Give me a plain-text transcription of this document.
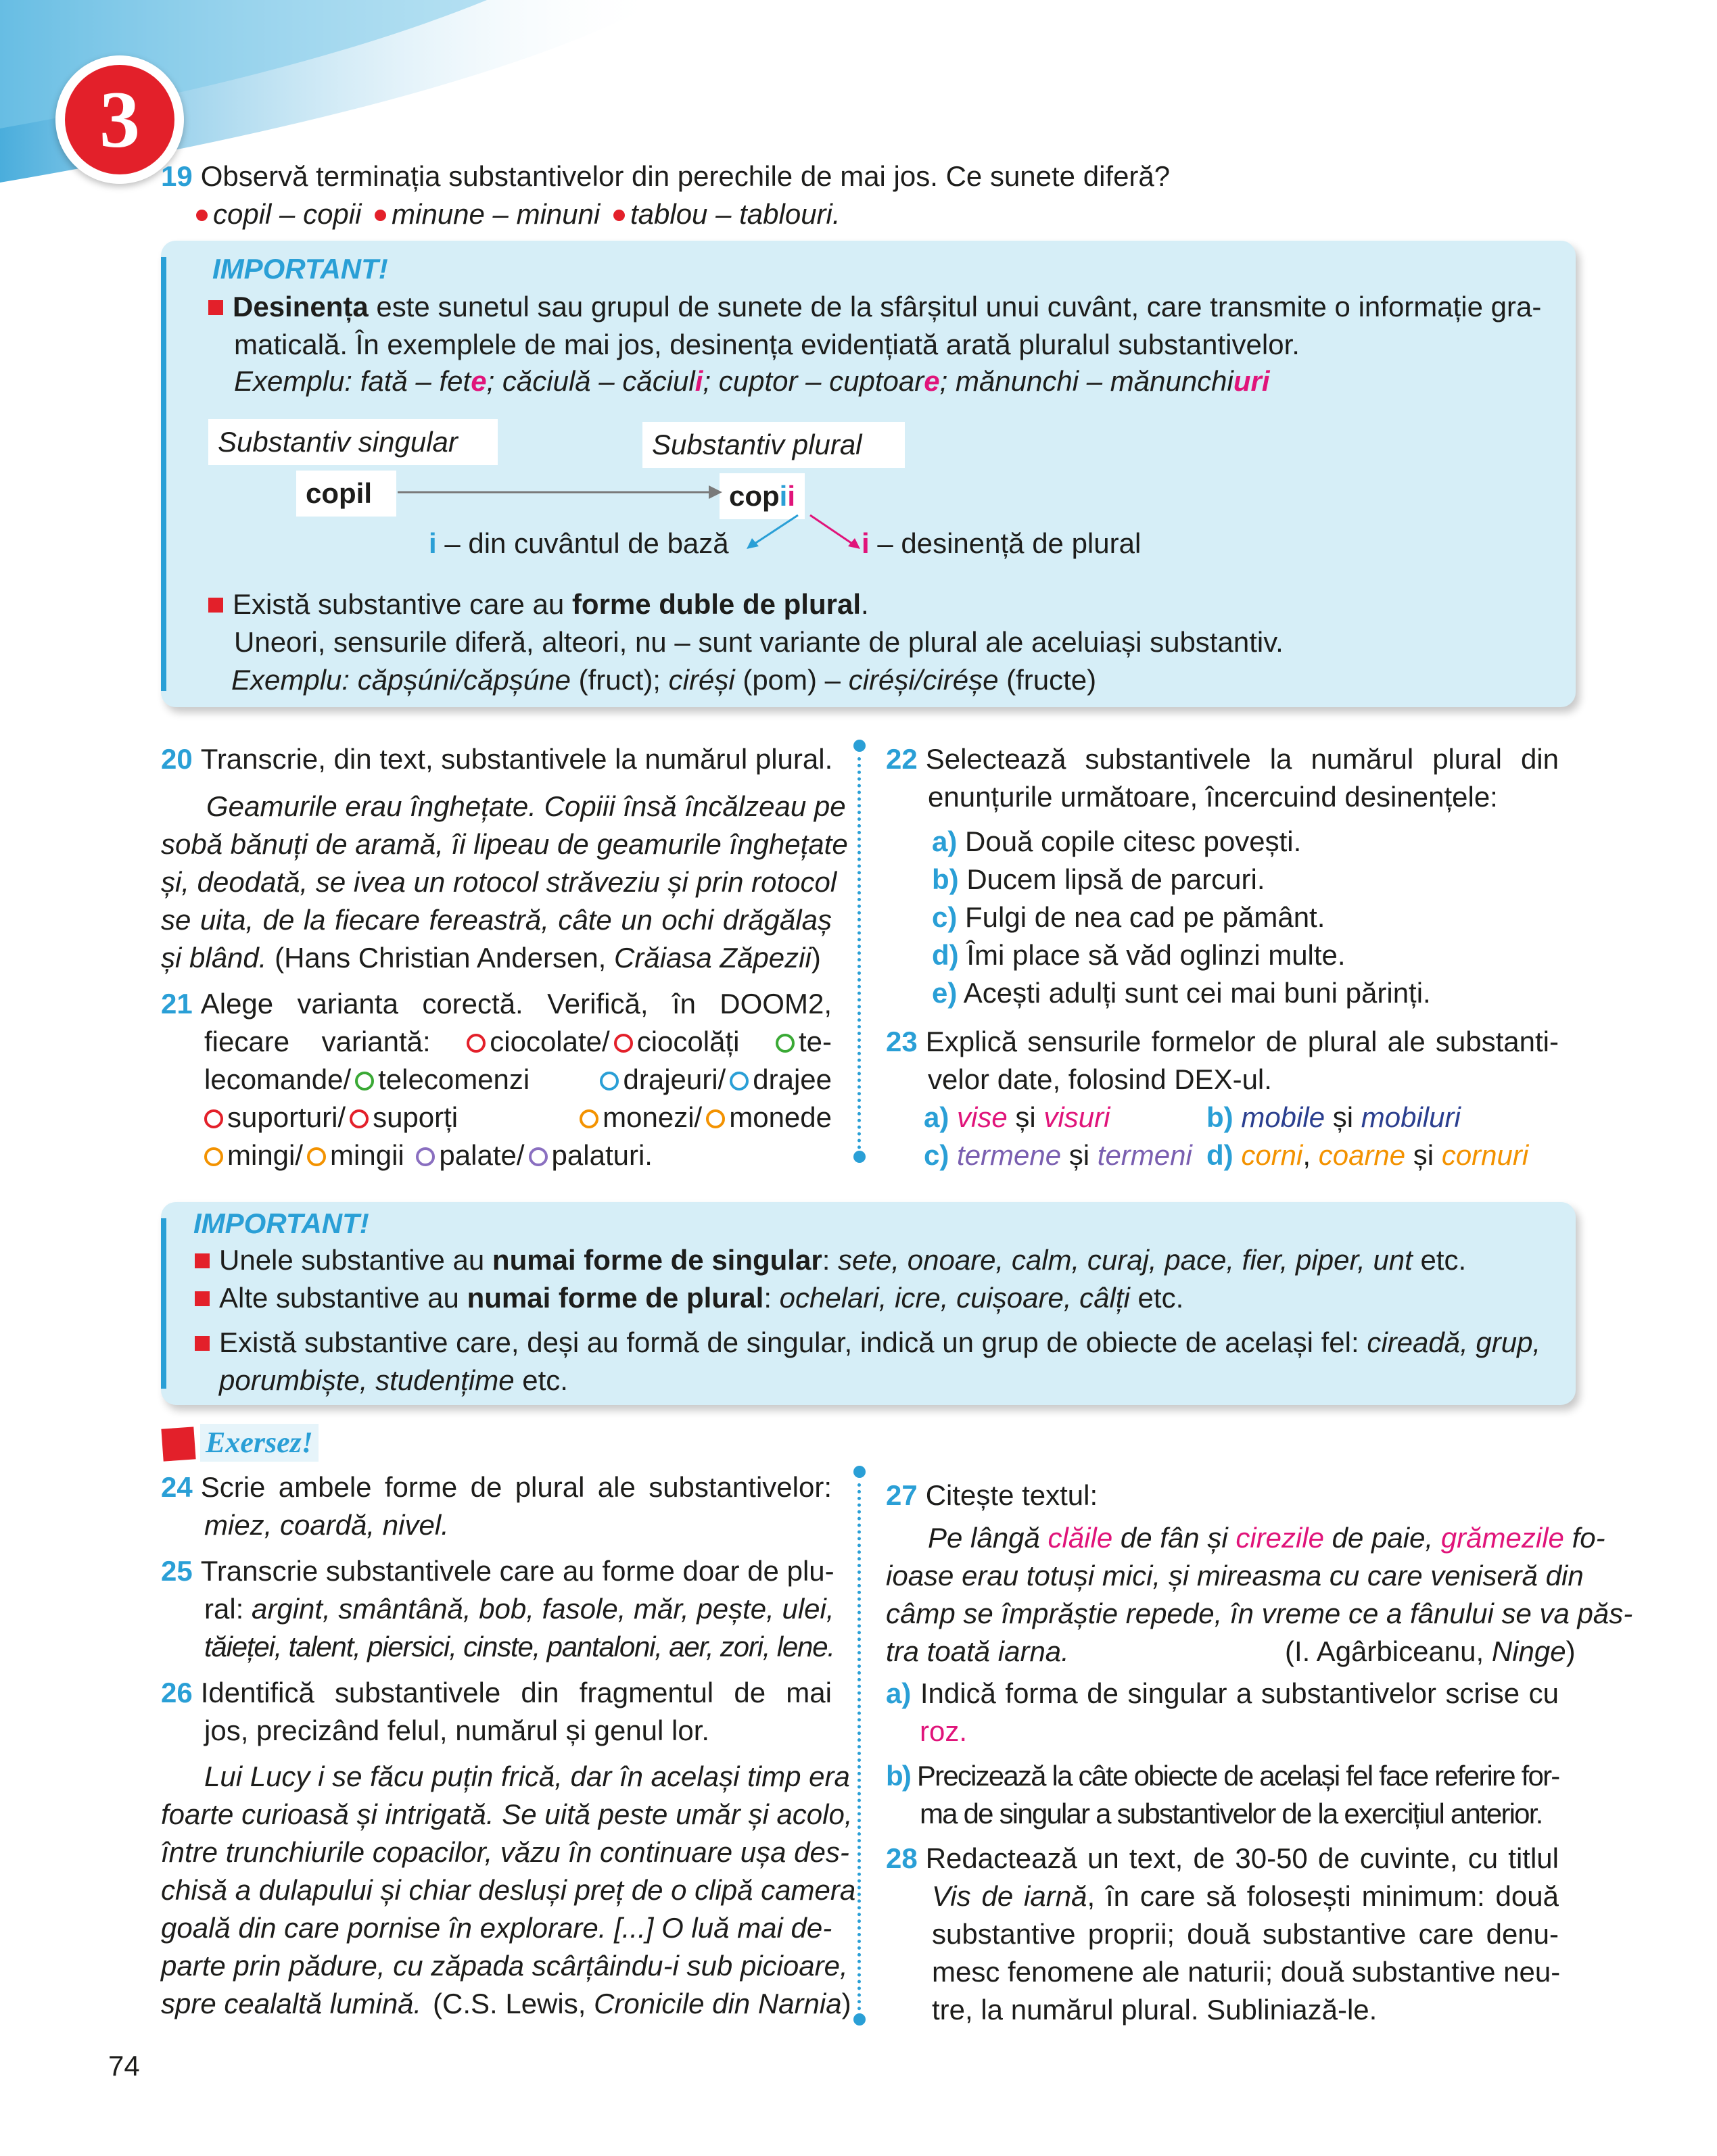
3
19 Observă terminația substantivelor din perechile de mai jos. Ce sunete diferă?
copil – copii minune – minuni tablou – tablouri.
IMPORTANT!
Desinența este sunetul sau grupul de sunete de la sfârșitul unui cuvânt, care transmite o informație gra-
maticală. În exemplele de mai jos, desinența evidențiată arată pluralul substantivelor.
Exemplu: fată – fete; căciulă – căciuli; cuptor – cuptoare; mănunchi – mănunchiuri
Substantiv singular	Substantiv plural
copil	copii
i – din cuvântul de bază	i – desinență de plural
Există substantive care au forme duble de plural.
Uneori, sensurile diferă, alteori, nu – sunt variante de plural ale aceluiași substantiv.
Exemplu: căpșúni/căpșúne (fruct); ciréși (pom) – ciréși/ciréșe (fructe)
20 Transcrie, din text, substantivele la numărul plural.
Geamurile erau înghețate. Copiii însă încălzeau pe
sobă bănuți de aramă, îi lipeau de geamurile înghețate
și, deodată, se ivea un rotocol străveziu și prin rotocol
se uita, de la fiecare fereastră, câte un ochi drăgălaș
și blând. (Hans Christian Andersen, Crăiasa Zăpezii)
21 Alege varianta corectă. Verifică, în DOOM2,
fiecare variantă: ciocolate/ ciocolăți te-
lecomande/ telecomenzi	drajeuri/ drajee
suporturi/ suporți	monezi/ monede
mingi/ mingii palate/ palaturi.
22 Selectează substantivele la numărul plural din
enunțurile următoare, încercuind desinențele:
a) Două copile citesc povești.
b) Ducem lipsă de parcuri.
c) Fulgi de nea cad pe pământ.
d) Îmi place să văd oglinzi multe.
e) Acești adulți sunt cei mai buni părinți.
23 Explică sensurile formelor de plural ale substanti-
velor date, folosind DEX-ul.
a) vise și visuri	b) mobile și mobiluri
c) termene și termeni d) corni, coarne și cornuri
IMPORTANT!
Unele substantive au numai forme de singular: sete, onoare, calm, curaj, pace, fier, piper, unt etc.
Alte substantive au numai forme de plural: ochelari, icre, cuișoare, câlți etc.
Există substantive care, deși au formă de singular, indică un grup de obiecte de același fel: cireadă, grup,
porumbiște, studențime etc.
Exersez!
24 Scrie ambele forme de plural ale substantivelor:
miez, coardă, nivel.
25 Transcrie substantivele care au forme doar de plu-
ral: argint, smântână, bob, fasole, măr, pește, ulei,
tăieței, talent, piersici, cinste, pantaloni, aer, zori, lene.
26 Identifică substantivele din fragmentul de mai
jos, precizând felul, numărul și genul lor.
Lui Lucy i se făcu puțin frică, dar în același timp era
foarte curioasă și intrigată. Se uită peste umăr și acolo,
între trunchiurile copacilor, văzu în continuare ușa des-
chisă a dulapului și chiar desluși preț de o clipă camera
goală din care pornise în explorare. [...] O luă mai de-
parte prin pădure, cu zăpada scârțâindu-i sub picioare,
spre cealaltă lumină. (C.S. Lewis, Cronicile din Narnia)
27 Citește textul:
Pe lângă clăile de fân și cirezile de paie, grămezile fo-
ioase erau totuși mici, și mireasma cu care veniseră din
câmp se împrăștie repede, în vreme ce a fânului se va păs-
tra toată iarna.	(I. Agârbiceanu, Ninge)
a) Indică forma de singular a substantivelor scrise cu
roz.
b) Precizează la câte obiecte de același fel face referire for-
ma de singular a substantivelor de la exercițiul anterior.
28 Redactează un text, de 30-50 de cuvinte, cu titlul
Vis de iarnă, în care să folosești minimum: două
substantive proprii; două substantive care denu-
mesc fenomene ale naturii; două substantive neu-
tre, la numărul plural. Subliniază-le.
74
